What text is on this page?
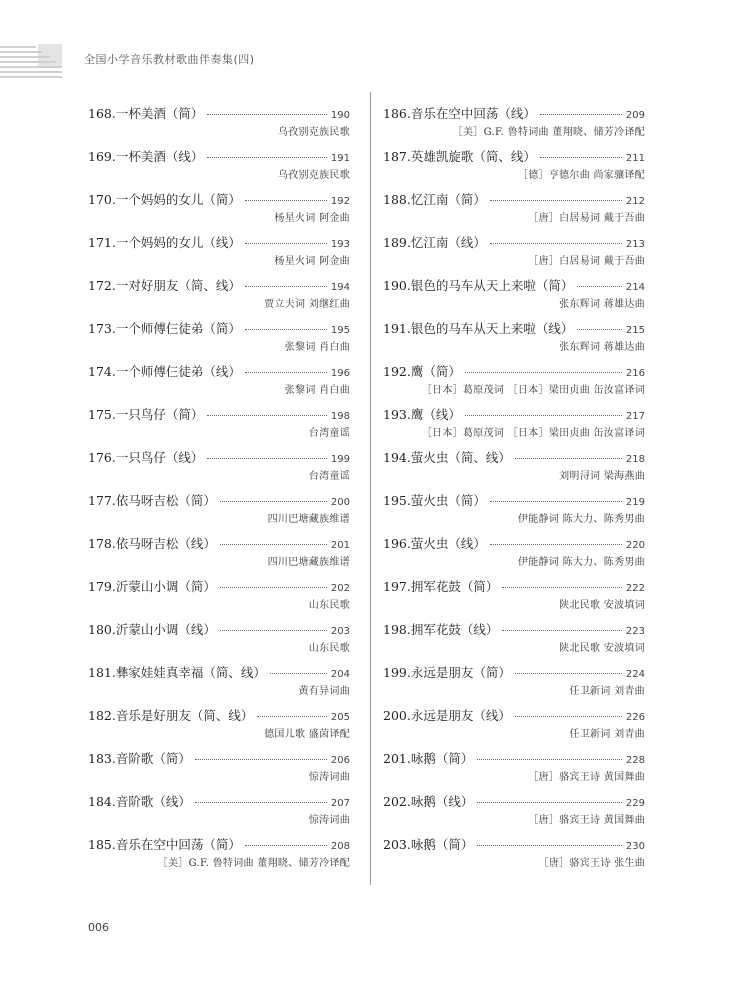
全国小学音乐教材歌曲伴奏集(四)
168. 一杯美酒（简）	190
乌孜别克族民歌
169. 一杯美酒（线）	191
乌孜别克族民歌
170. 一个妈妈的女儿（简）	192
杨星火词 阿金曲
171. 一个妈妈的女儿（线）	193
杨星火词 阿金曲
172. 一对好朋友（简、线）	194
贾立夫词 刘继红曲
173. 一个师傅仨徒弟（简）	195
张黎词 肖白曲
174. 一个师傅仨徒弟（线）	196
张黎词 肖白曲
175. 一只鸟仔（简）	198
台湾童谣
176. 一只鸟仔（线）	199
台湾童谣
177. 依马呀吉松（简）	200
四川巴塘藏族维谱
178. 依马呀吉松（线）	201
四川巴塘藏族维谱
179. 沂蒙山小调（简）	202
山东民歌
180. 沂蒙山小调（线）	203
山东民歌
181. 彝家娃娃真幸福（简、线）	204
黄有异词曲
182. 音乐是好朋友（简、线）	205
德国儿歌 盛茵译配
183. 音阶歌（简）	206
惊涛词曲
184. 音阶歌（线）	207
惊涛词曲
185. 音乐在空中回荡（简）	208
［美］G.F. 鲁特词曲 董翔晓、储芳冷译配
186. 音乐在空中回荡（线）	209
［美］G.F. 鲁特词曲 董翔晓、储芳冷译配
187. 英雄凯旋歌（简、线）	211
［德］亨德尔曲 尚家骧译配
188. 忆江南（简）	212
［唐］白居易词 戴于吾曲
189. 忆江南（线）	213
［唐］白居易词 戴于吾曲
190. 银色的马车从天上来啦（简）	214
张东辉词 蒋雄达曲
191. 银色的马车从天上来啦（线）	215
张东辉词 蒋雄达曲
192. 鹰（简）	216
［日本］葛原茂词 ［日本］梁田贞曲 缶汝富译词
193. 鹰（线）	217
［日本］葛原茂词 ［日本］梁田贞曲 缶汝富译词
194. 萤火虫（简、线）	218
刘明浔词 梁海燕曲
195. 萤火虫（简）	219
伊能静词 陈大力、陈秀男曲
196. 萤火虫（线）	220
伊能静词 陈大力、陈秀男曲
197. 拥军花鼓（简）	222
陕北民歌 安波填词
198. 拥军花鼓（线）	223
陕北民歌 安波填词
199. 永远是朋友（简）	224
任卫新词 刘青曲
200. 永远是朋友（线）	226
任卫新词 刘青曲
201. 咏鹅（简）	228
［唐］骆宾王诗 黄国舞曲
202. 咏鹅（线）	229
［唐］骆宾王诗 黄国舞曲
203. 咏鹅（简）	230
［唐］骆宾王诗 张生曲
006
